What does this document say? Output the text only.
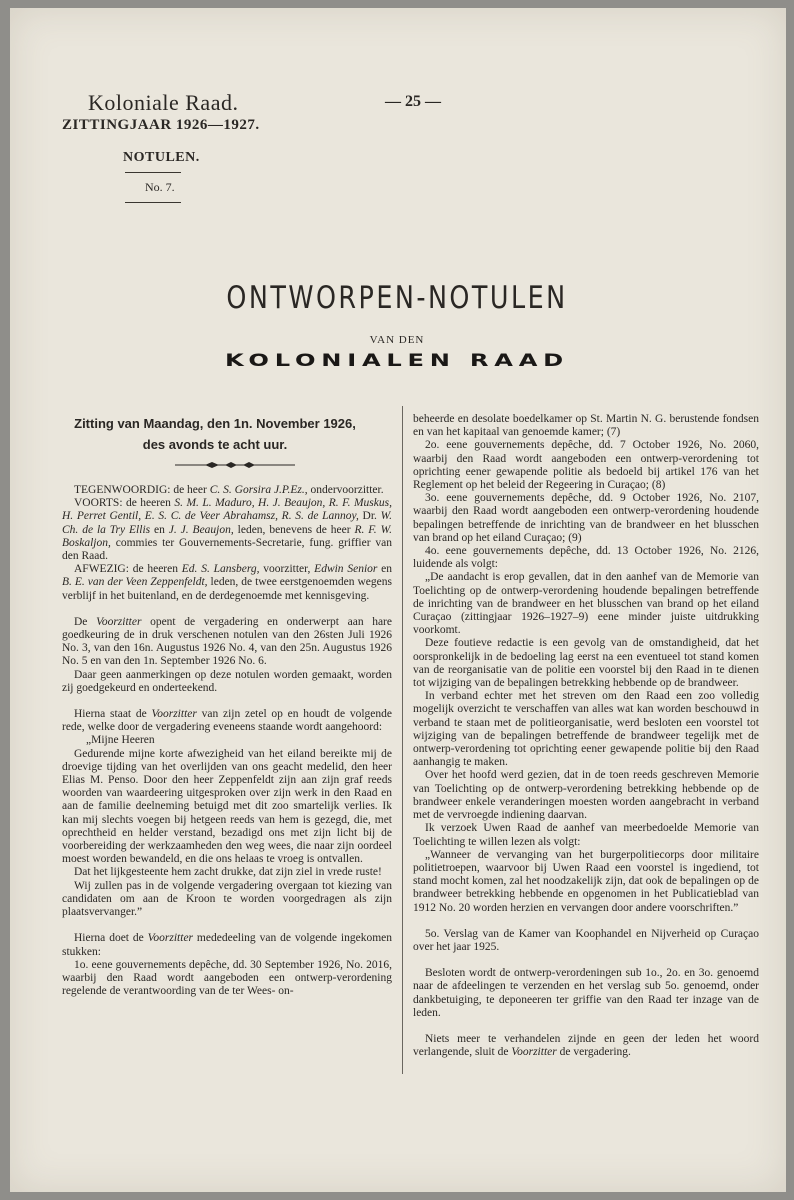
Koloniale Raad.
ZITTINGJAAR 1926—1927.
— 25 —
NOTULEN.
No. 7.
ONTWORPEN-NOTULEN
VAN DEN
KOLONIALEN RAAD
Zitting van Maandag, den 1n. November 1926,
des avonds te acht uur.

TEGENWOORDIG: de heer C. S. Gorsira J.P.Ez., ondervoorzitter.

VOORTS: de heeren S. M. L. Maduro, H. J. Beaujon, R. F. Muskus, H. Perret Gentil, E. S. C. de Veer Abrahamsz, R. S. de Lannoy, Dr. W. Ch. de la Try Ellis en J. J. Beaujon, leden, benevens de heer R. F. W. Boskaljon, commies ter Gouvernements-Secretarie, fung. griffier van den Raad.

AFWEZIG: de heeren Ed. S. Lansberg, voorzitter, Edwin Senior en B. E. van der Veen Zeppenfeldt, leden, de twee eerstgenoemden wegens verblijf in het buitenland, en de derdegenoemde met kennisgeving.

De Voorzitter opent de vergadering en onderwerpt aan hare goedkeuring de in druk verschenen notulen van den 26sten Juli 1926 No. 3, van den 16n. Augustus 1926 No. 4, van den 25n. Augustus 1926 No. 5 en van den 1n. September 1926 No. 6.

Daar geen aanmerkingen op deze notulen worden gemaakt, worden zij goedgekeurd en onderteekend.

Hierna staat de Voorzitter van zijn zetel op en houdt de volgende rede, welke door de vergadering eveneens staande wordt aangehoord:

„Mijne Heeren

Gedurende mijne korte afwezigheid van het eiland bereikte mij de droevige tijding van het overlijden van ons geacht medelid, den heer Elias M. Penso. Door den heer Zeppenfeldt zijn aan zijn graf reeds woorden van waardeering uitgesproken over zijn werk in den Raad en aan de familie deelneming betuigd met dit zoo smartelijk verlies. Ik kan mij slechts voegen bij hetgeen reeds van hem is gezegd, die, met oprechtheid en helder verstand, bezadigd ons met zijn licht bij de voorbereiding der werkzaamheden den weg wees, die naar zijn oordeel moest worden bewandeld, en die ons helaas te vroeg is ontvallen.

Dat het lijkgesteente hem zacht drukke, dat zijn ziel in vrede ruste!

Wij zullen pas in de volgende vergadering overgaan tot kiezing van candidaten om aan de Kroon te worden voorgedragen als zijn plaatsvervanger.”

Hierna doet de Voorzitter mededeeling van de volgende ingekomen stukken:

1o. eene gouvernements depêche, dd. 30 September 1926, No. 2016, waarbij den Raad wordt aangeboden een ontwerp-verordening regelende de verantwoording van de ter Wees- on-

beheerde en desolate boedelkamer op St. Martin N. G. berustende fondsen en van het kapitaal van genoemde kamer; (7)

2o. eene gouvernements depêche, dd. 7 October 1926, No. 2060, waarbij den Raad wordt aangeboden een ontwerp-verordening tot oprichting eener gewapende politie als bedoeld bij artikel 176 van het Reglement op het beleid der Regeering in Curaçao; (8)

3o. eene gouvernements depêche, dd. 9 October 1926, No. 2107, waarbij den Raad wordt aangeboden een ontwerp-verordening houdende bepalingen betreffende de inrichting van de brandweer en het blusschen van brand op het eiland Curaçao; (9)

4o. eene gouvernements depêche, dd. 13 October 1926, No. 2126, luidende als volgt:

„De aandacht is erop gevallen, dat in den aanhef van de Memorie van Toelichting op de ontwerp-verordening houdende bepalingen betreffende de inrichting van de brandweer en het blusschen van brand op het eiland Curaçao (zittingjaar 1926–1927–9) eene minder juiste uitdrukking voorkomt.

Deze foutieve redactie is een gevolg van de omstandigheid, dat het oorspronkelijk in de bedoeling lag eerst na een eventueel tot stand komen van de reorganisatie van de politie een voorstel bij den Raad in te dienen tot wijziging van de bepalingen betrekking hebbende op de brandweer.

In verband echter met het streven om den Raad een zoo volledig mogelijk overzicht te verschaffen van alles wat kan worden beschouwd in verband te staan met de politieorganisatie, werd besloten een voorstel tot wijziging van de bepalingen betreffende de brandweer tegelijk met de ontwerp-verordening tot oprichting eener gewapende politie bij den Raad aanhangig te maken.

Over het hoofd werd gezien, dat in de toen reeds geschreven Memorie van Toelichting op de ontwerp-verordening betrekking hebbende op de brandweer enkele veranderingen moesten worden aangebracht in verband met de vervroegde indiening daarvan.

Ik verzoek Uwen Raad de aanhef van meerbedoelde Memorie van Toelichting te willen lezen als volgt:

„Wanneer de vervanging van het burgerpolitiecorps door militaire politietroepen, waarvoor bij Uwen Raad een voorstel is ingediend, tot stand mocht komen, zal het noodzakelijk zijn, dat ook de bepalingen op de brandweer betrekking hebbende en opgenomen in het Publicatieblad van 1912 No. 20 worden herzien en vervangen door andere voorschriften.”

5o. Verslag van de Kamer van Koophandel en Nijverheid op Curaçao over het jaar 1925.

Besloten wordt de ontwerp-verordeningen sub 1o., 2o. en 3o. genoemd naar de afdeelingen te verzenden en het verslag sub 5o. genoemd, onder dankbetuiging, te deponeeren ter griffie van den Raad ter inzage van de leden.

Niets meer te verhandelen zijnde en geen der leden het woord verlangende, sluit de Voorzitter de vergadering.
